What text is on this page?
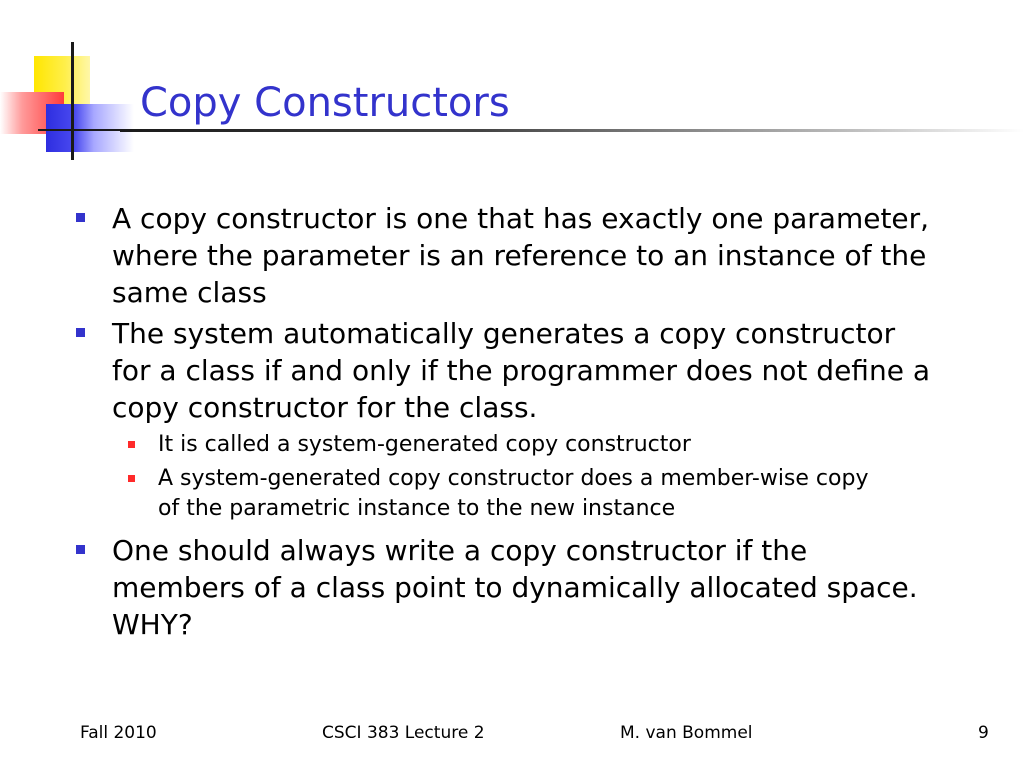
Copy Constructors
A copy constructor is one that has exactly one parameter, where the parameter is an reference to an instance of the same class
The system automatically generates a copy constructor for a class if and only if the programmer does not define a copy constructor for the class.
It is called a system-generated copy constructor
A system-generated copy constructor does a member-wise copy of the parametric instance to the new instance
One should always write a copy constructor if the members of a class point to dynamically allocated space. WHY?
Fall 2010	CSCI 383 Lecture 2	M. van Bommel	9
